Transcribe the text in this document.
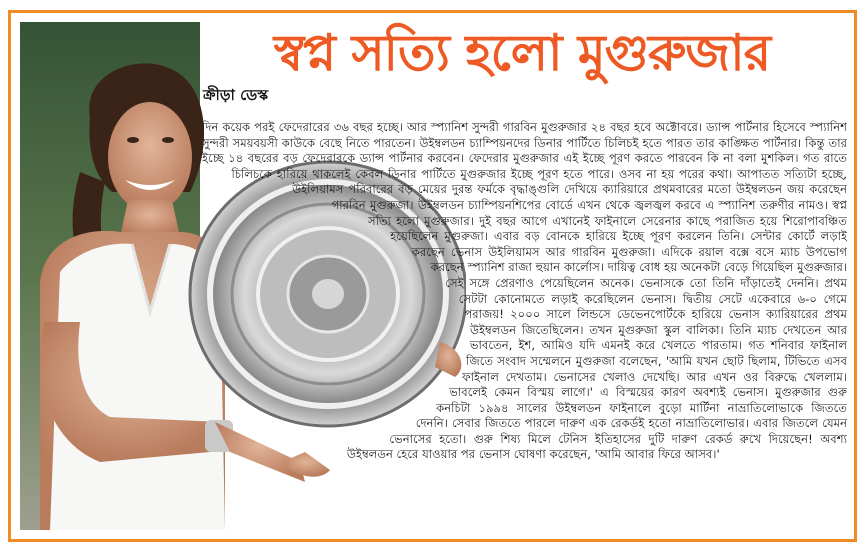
স্বপ্ন সত্যি হলো মুগুরুজার
ক্রীড়া ডেস্ক
দিন কয়েক পরই ফেদেরারের ৩৬ বছর হচ্ছে। আর স্প্যানিশ সুন্দরী গারবিন মুগুরুজার ২৪ বছর হবে অক্টোবরে। ড্যান্স পার্টনার হিসেবে স্প্যানিশ সুন্দরী সময়বয়সী কাউকে বেছে নিতে পারতেন। উইম্বলডন চ্যাম্পিয়নদের ডিনার পার্টিতে চিলিচই হতে পারত তার কাঙ্ক্ষিত পার্টনার। কিন্তু তার ইচ্ছে ১৪ বছরের বড় ফেদেরারকে ড্যান্স পার্টনার করবেন। ফেদেরার মুগুরুজার এই ইচ্ছে পূরণ করতে পারবেন কি না বলা মুশকিল। গত রাতে চিলিচকে হারিয়ে থাকলেই কেবল ডিনার পার্টিতে মুগুরুজার ইচ্ছে পূরণ হতে পারে। ওসব না হয় পরের কথা। আপাতত সত্যিটা হচ্ছে, উইলিয়ামস পরিবারের বড় মেয়ের দুরন্ত ফর্মকে বৃদ্ধাঙ্গুলি দেখিয়ে ক্যারিয়ারে প্রথমবারের মতো উইম্বলডন জয় করেছেন গারবিন মুগুরুজা। উইম্বলডন চ্যাম্পিয়নশিপের বোর্ডে এখন থেকে জ্বলজ্বল করবে এ স্প্যানিশ তরুণীর নামও। স্বপ্ন সত্যি হলো মুগুরুজার। দুই বছর আগে এখানেই ফাইনালে সেরেনার কাছে পরাজিত হয়ে শিরোপাবঞ্চিত হয়েছিলেন মুগুরুজা। এবার বড় বোনকে হারিয়ে ইচ্ছে পূরণ করলেন তিনি। সেন্টার কোর্টে লড়াই করছেন ভেনাস উইলিয়ামস আর গারবিন মুগুরুজা। এদিকে রয়াল বক্সে বসে ম্যাচ উপভোগ করছেন স্প্যানিশ রাজা হুয়ান কার্লোস। দায়িত্ব বোধ হয় অনেকটা বেড়ে গিয়েছিল মুগুরুজার। সেই সঙ্গে প্রেরণাও পেয়েছিলেন অনেক। ভেনাসকে তো তিনি দাঁড়াতেই দেননি। প্রথম সেটটা কোনোমতে লড়াই করেছিলেন ভেনাস। দ্বিতীয় সেটে একেবারে ৬-০ গেমে পরাজয়! ২০০০ সালে লিন্ডসে ডেভেনপোর্টকে হারিয়ে ভেনাস ক্যারিয়ারের প্রথম উইম্বলডন জিতেছিলেন। তখন মুগুরুজা স্কুল বালিকা। তিনি ম্যাচ দেখতেন আর ভাবতেন, ইশ, আমিও যদি এমনই করে খেলতে পারতাম। গত শনিবার ফাইনাল জিতে সংবাদ সম্মেলনে মুগুরুজা বলেছেন, 'আমি যখন ছোট ছিলাম, টিভিতে এসব ফাইনাল দেখতাম। ভেনাসের খেলাও দেখেছি। আর এখন ওর বিরুদ্ধে খেললাম। ভাবলেই কেমন বিস্ময় লাগে।' এ বিস্ময়ের কারণ অবশ্যই ভেনাস। মুগুরুজার গুরু কনচিটা ১৯৯৪ সালের উইম্বলডন ফাইনালে বুড়ো মার্টিনা নাভ্রাতিলোভাকে জিততে দেননি। সেবার জিততে পারলে দারুণ এক রেকর্ডই হতো নাভ্রাতিলোভার। এবার জিতলে যেমন ভেনাসের হতো। গুরু শিষ্য মিলে টেনিস ইতিহাসের দুটি দারুণ রেকর্ড রুখে দিয়েছেন! অবশ্য উইম্বলডন হেরে যাওয়ার পর ভেনাস ঘোষণা করেছেন, 'আমি আবার ফিরে আসব।'
